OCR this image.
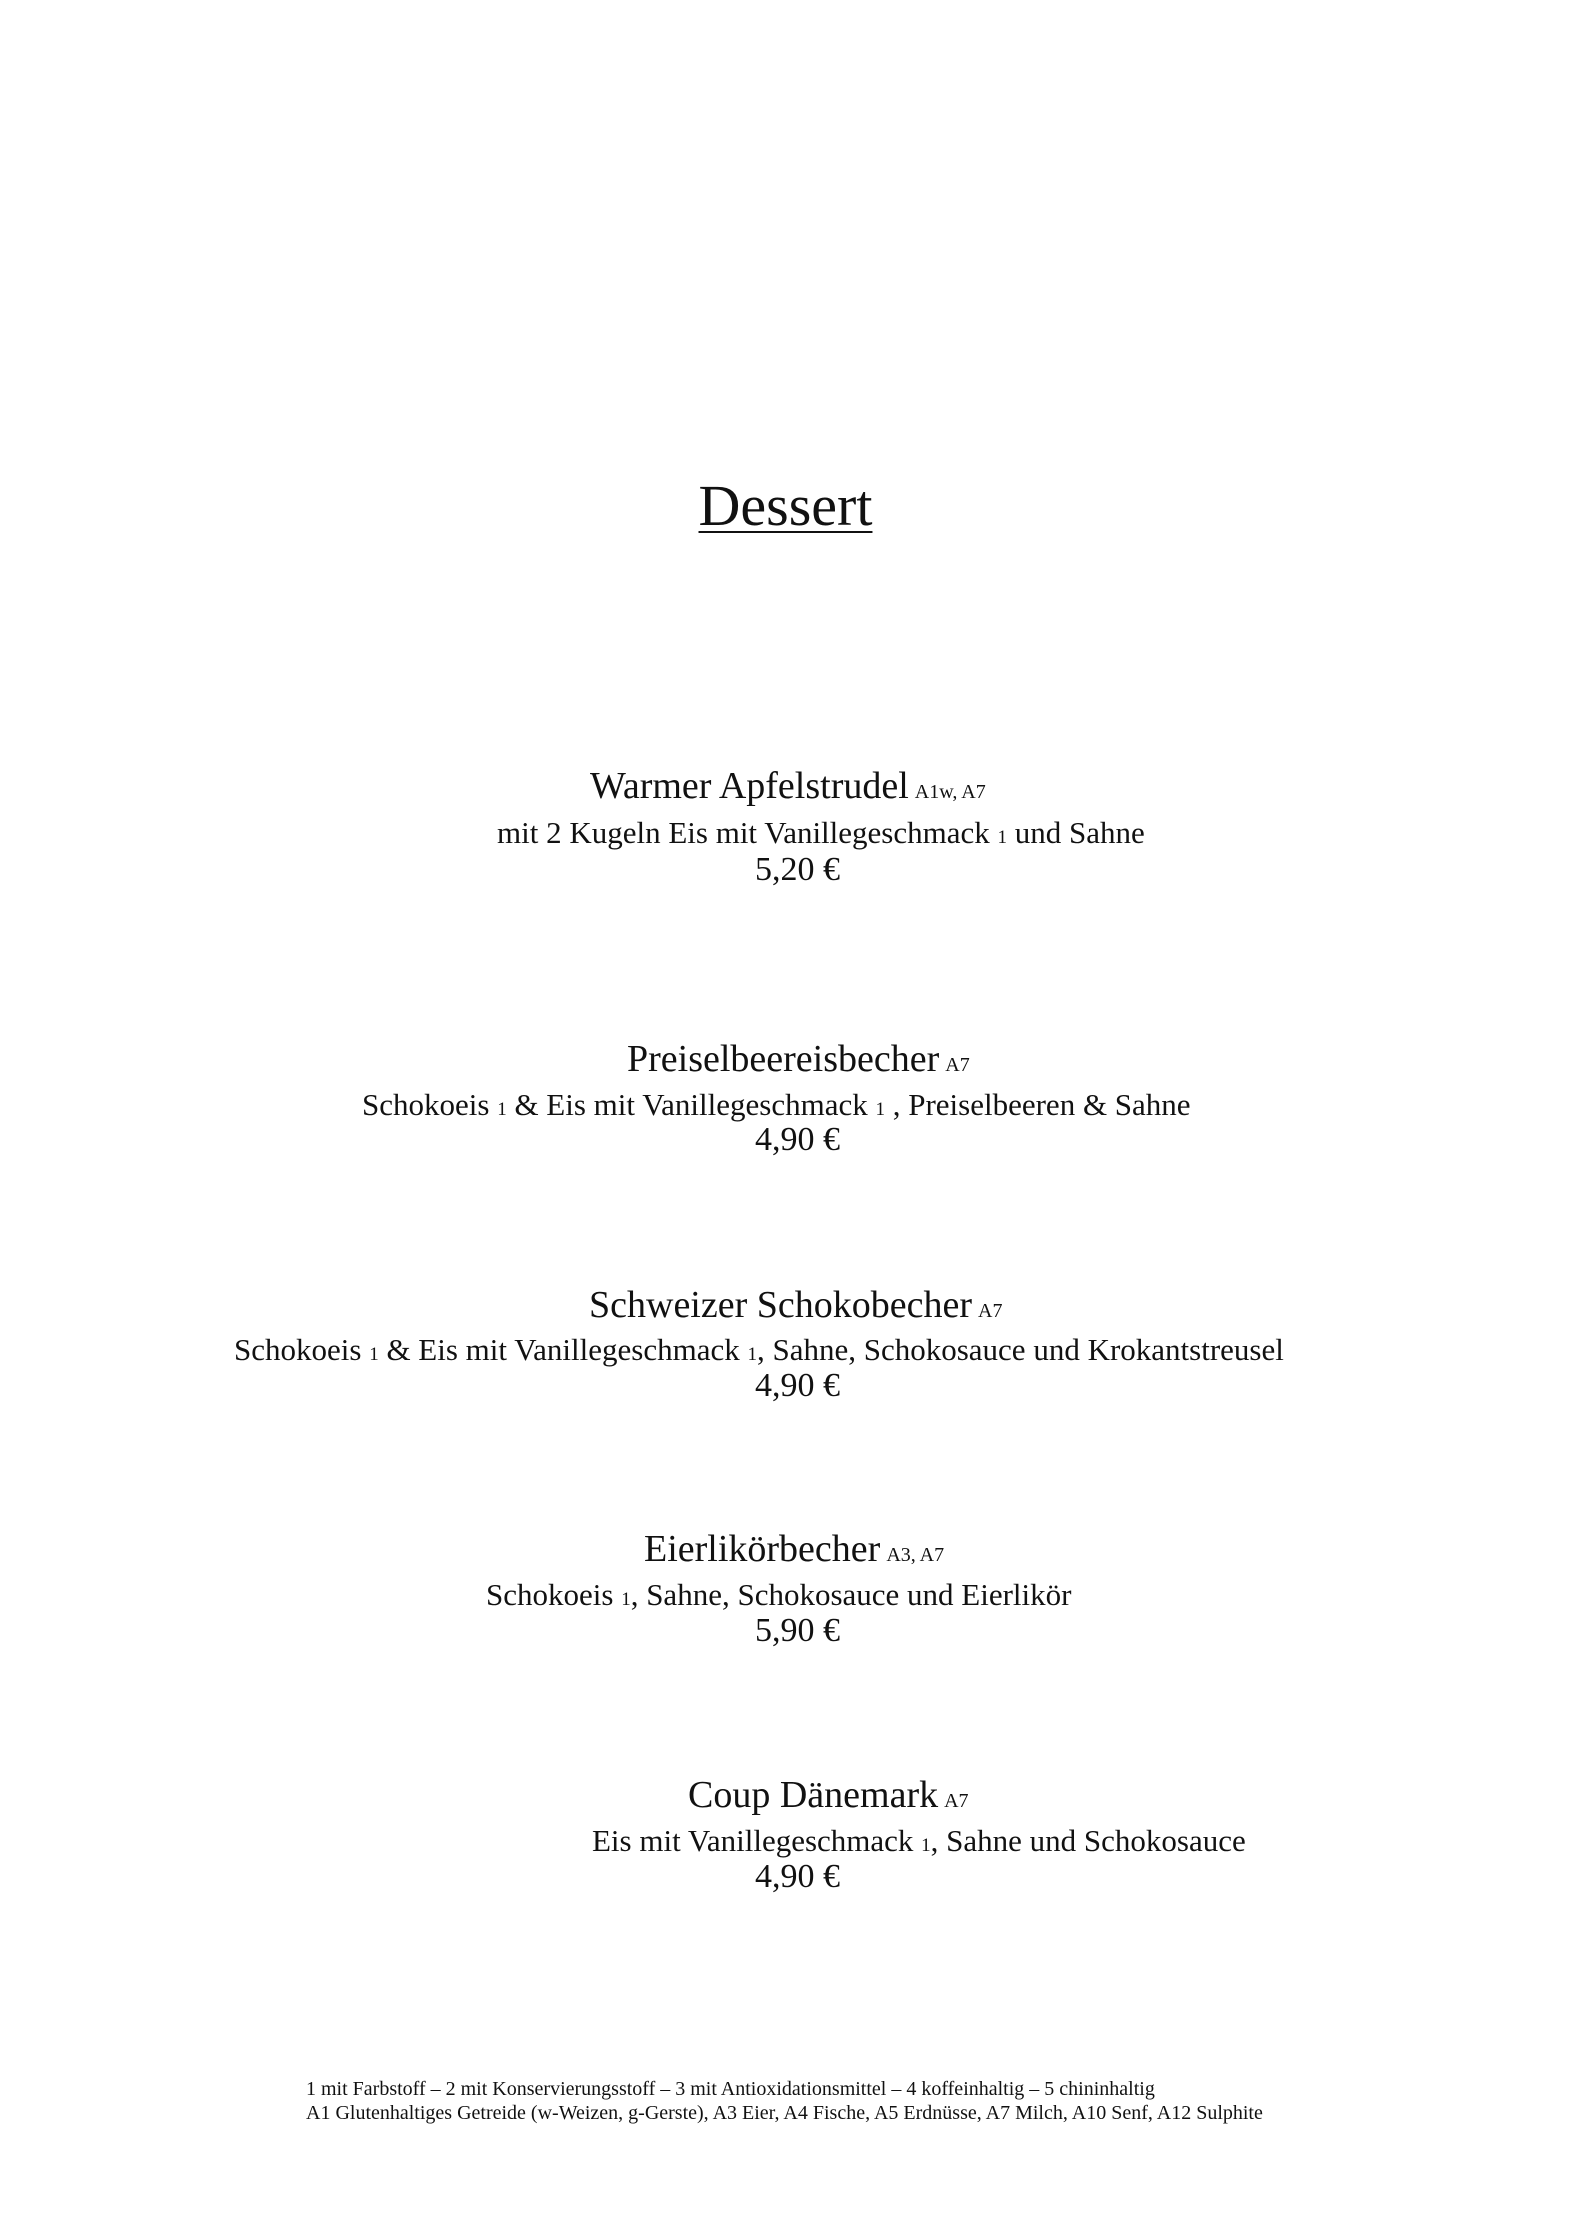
Dessert
Warmer Apfelstrudel A1w, A7
mit 2 Kugeln Eis mit Vanillegeschmack 1 und Sahne
5,20 €
Preiselbeereisbecher A7
Schokoeis 1 & Eis mit Vanillegeschmack 1 , Preiselbeeren & Sahne
4,90 €
Schweizer Schokobecher A7
Schokoeis 1 & Eis mit Vanillegeschmack 1, Sahne, Schokosauce und Krokantstreusel
4,90 €
Eierlikörbecher A3, A7
Schokoeis 1, Sahne, Schokosauce und Eierlikör
5,90 €
Coup Dänemark A7
Eis mit Vanillegeschmack 1, Sahne und Schokosauce
4,90 €
1 mit Farbstoff – 2 mit Konservierungsstoff – 3 mit Antioxidationsmittel – 4 koffeinhaltig – 5 chininhaltig
A1 Glutenhaltiges Getreide (w-Weizen, g-Gerste), A3 Eier, A4 Fische, A5 Erdnüsse, A7 Milch, A10 Senf, A12 Sulphite
